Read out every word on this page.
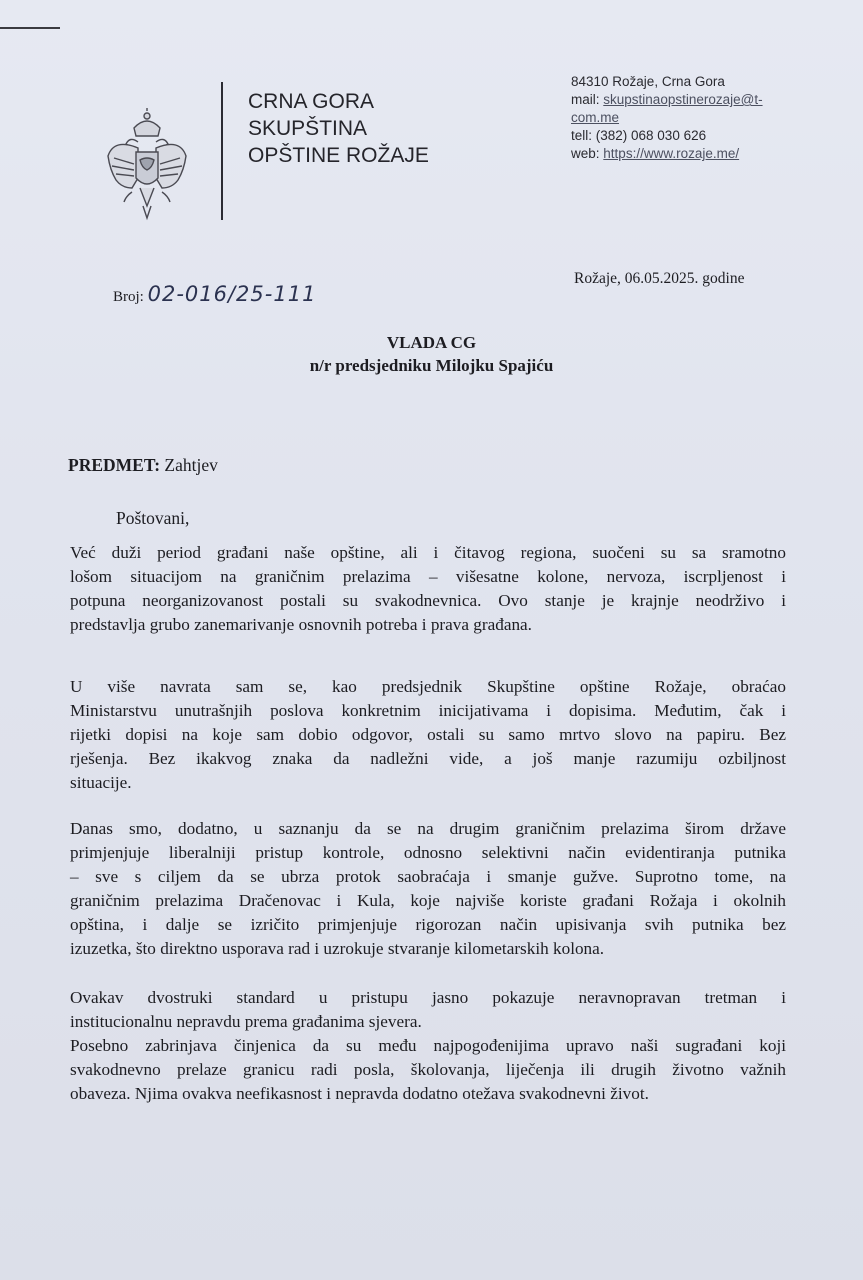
CRNA GORA
SKUPŠTINA
OPŠTINE ROŽAJE
84310 Rožaje, Crna Gora
mail: skupstinaopstinerozaje@t-
com.me
tell: (382) 068 030 626
web: https://www.rozaje.me/
Broj: 02-016/25-111
Rožaje, 06.05.2025. godine
VLADA CG
n/r predsjedniku Milojku Spajiću
PREDMET: Zahtjev
Poštovani,
Već duži period građani naše opštine, ali i čitavog regiona, suočeni su sa sramotno
lošom situacijom na graničnim prelazima – višesatne kolone, nervoza, iscrpljenost i
potpuna neorganizovanost postali su svakodnevnica. Ovo stanje je krajnje neodrživo i
predstavlja grubo zanemarivanje osnovnih potreba i prava građana.
U više navrata sam se, kao predsjednik Skupštine opštine Rožaje, obraćao
Ministarstvu unutrašnjih poslova konkretnim inicijativama i dopisima. Međutim, čak i
rijetki dopisi na koje sam dobio odgovor, ostali su samo mrtvo slovo na papiru. Bez
rješenja. Bez ikakvog znaka da nadležni vide, a još manje razumiju ozbiljnost
situacije.
Danas smo, dodatno, u saznanju da se na drugim graničnim prelazima širom države
primjenjuje liberalniji pristup kontrole, odnosno selektivni način evidentiranja putnika
– sve s ciljem da se ubrza protok saobraćaja i smanje gužve. Suprotno tome, na
graničnim prelazima Dračenovac i Kula, koje najviše koriste građani Rožaja i okolnih
opština, i dalje se izričito primjenjuje rigorozan način upisivanja svih putnika bez
izuzetka, što direktno usporava rad i uzrokuje stvaranje kilometarskih kolona.
Ovakav dvostruki standard u pristupu jasno pokazuje neravnopravan tretman i
institucionalnu nepravdu prema građanima sjevera.
Posebno zabrinjava činjenica da su među najpogođenijima upravo naši sugrađani koji
svakodnevno prelaze granicu radi posla, školovanja, liječenja ili drugih životno važnih
obaveza. Njima ovakva neefikasnost i nepravda dodatno otežava svakodnevni život.
